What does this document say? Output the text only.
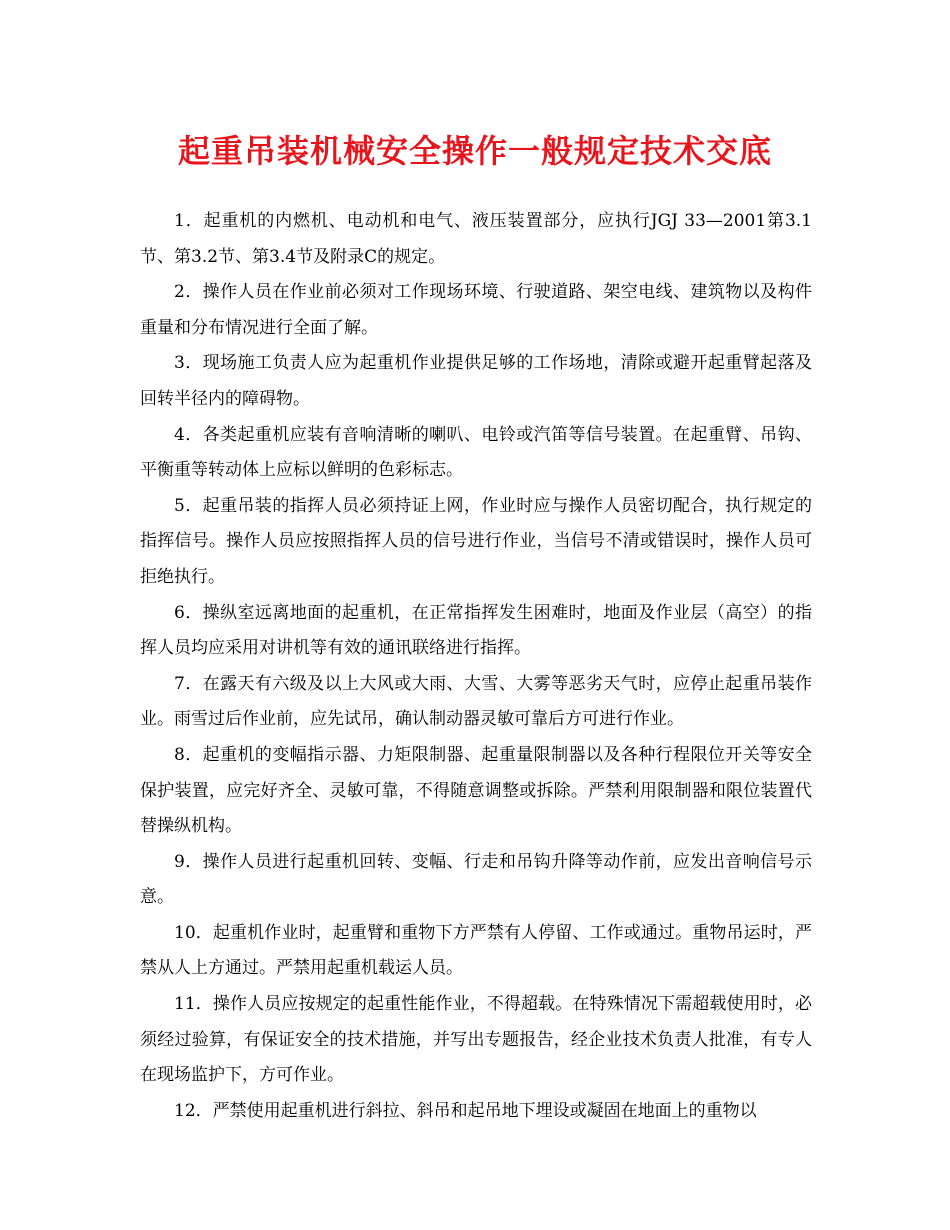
起重吊装机械安全操作一般规定技术交底

1．起重机的内燃机、电动机和电气、液压装置部分，应执行JGJ 33—2001第3.1节、第3.2节、第3.4节及附录C的规定。

2．操作人员在作业前必须对工作现场环境、行驶道路、架空电线、建筑物以及构件重量和分布情况进行全面了解。

3．现场施工负责人应为起重机作业提供足够的工作场地，清除或避开起重臂起落及回转半径内的障碍物。

4．各类起重机应装有音响清晰的喇叭、电铃或汽笛等信号装置。在起重臂、吊钩、平衡重等转动体上应标以鲜明的色彩标志。

5．起重吊装的指挥人员必须持证上网，作业时应与操作人员密切配合，执行规定的指挥信号。操作人员应按照指挥人员的信号进行作业，当信号不清或错误时，操作人员可拒绝执行。

6．操纵室远离地面的起重机，在正常指挥发生困难时，地面及作业层（高空）的指挥人员均应采用对讲机等有效的通讯联络进行指挥。

7．在露天有六级及以上大风或大雨、大雪、大雾等恶劣天气时，应停止起重吊装作业。雨雪过后作业前，应先试吊，确认制动器灵敏可靠后方可进行作业。

8．起重机的变幅指示器、力矩限制器、起重量限制器以及各种行程限位开关等安全保护装置，应完好齐全、灵敏可靠，不得随意调整或拆除。严禁利用限制器和限位装置代替操纵机构。

9．操作人员进行起重机回转、变幅、行走和吊钩升降等动作前，应发出音响信号示意。

10．起重机作业时，起重臂和重物下方严禁有人停留、工作或通过。重物吊运时，严禁从人上方通过。严禁用起重机载运人员。

11．操作人员应按规定的起重性能作业，不得超载。在特殊情况下需超载使用时，必须经过验算，有保证安全的技术措施，并写出专题报告，经企业技术负责人批准，有专人在现场监护下，方可作业。

12．严禁使用起重机进行斜拉、斜吊和起吊地下埋设或凝固在地面上的重物以
